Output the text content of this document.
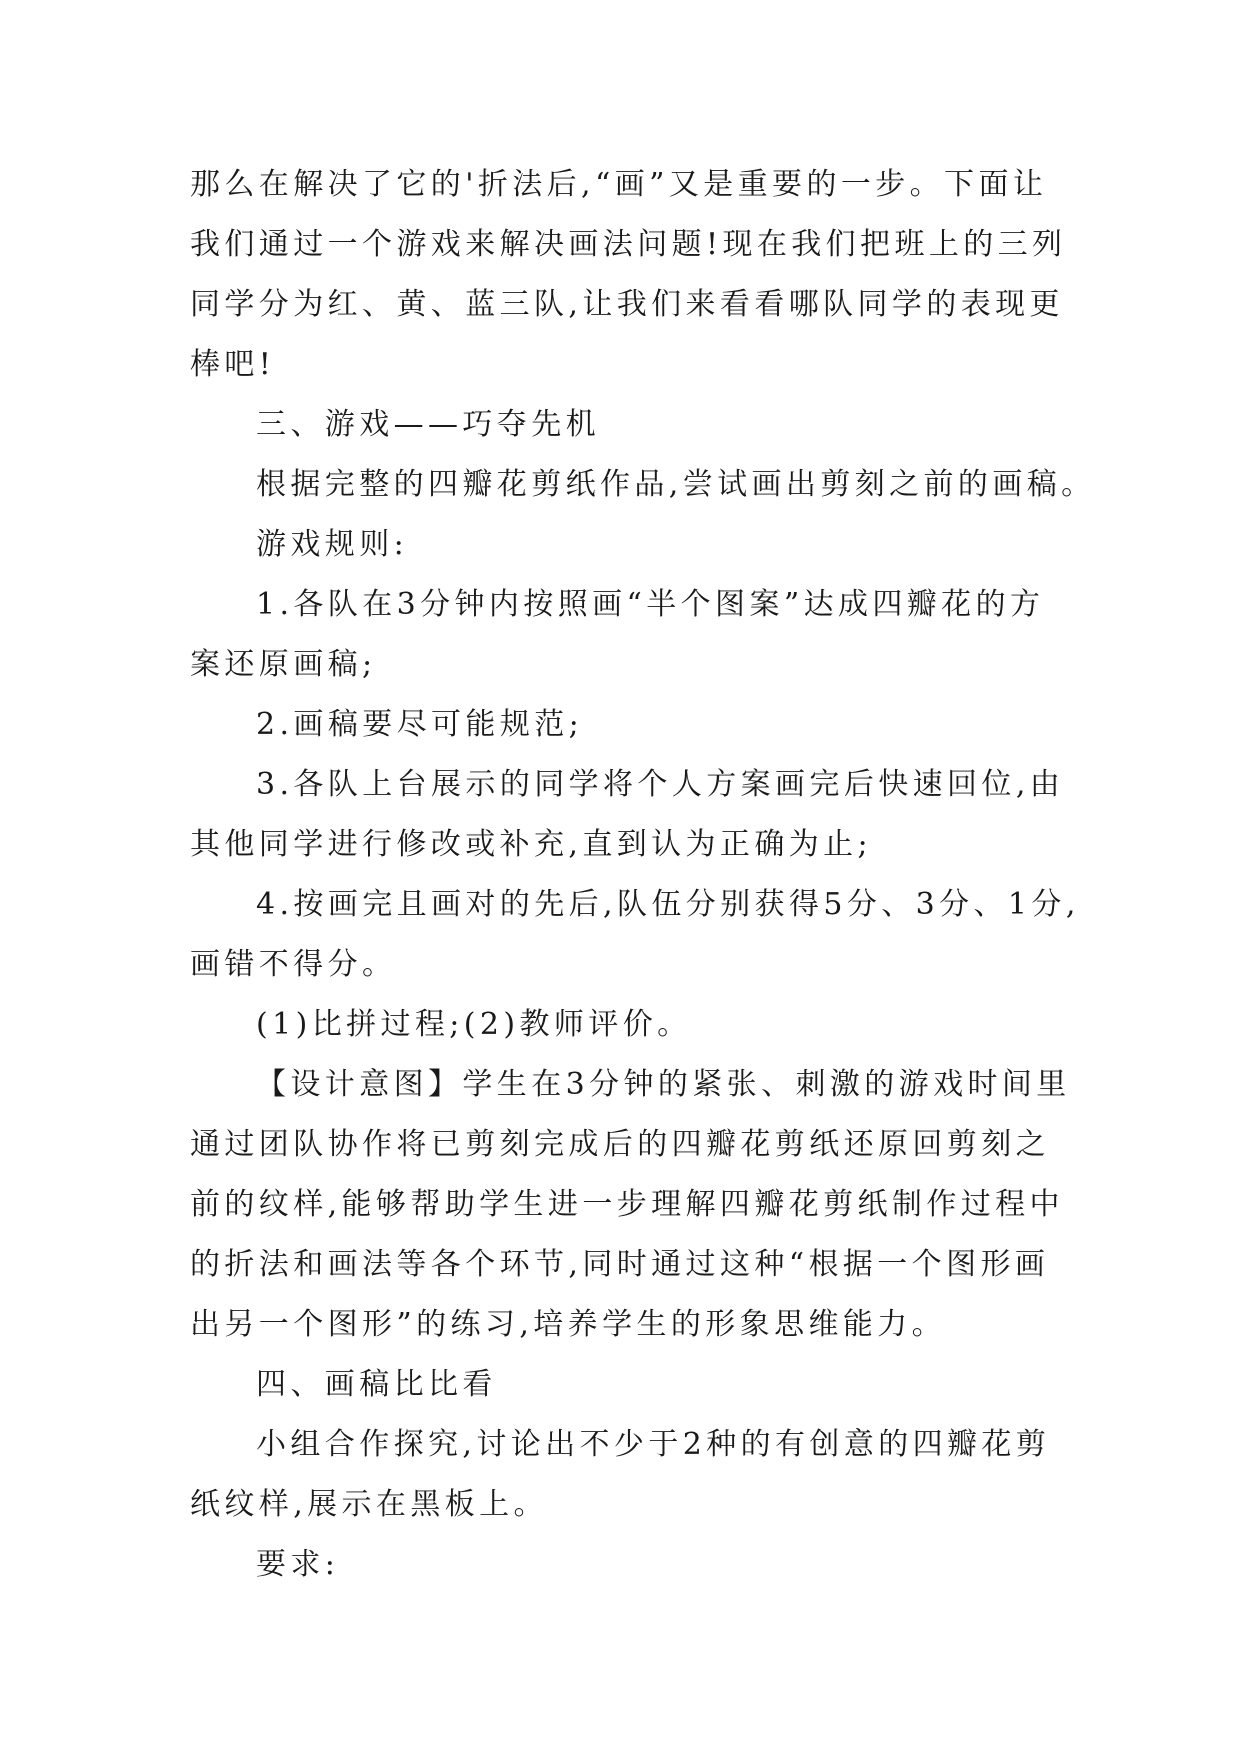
那么在解决了它的'折法后,“画”又是重要的一步。下面让
我们通过一个游戏来解决画法问题!现在我们把班上的三列
同学分为红、黄、蓝三队,让我们来看看哪队同学的表现更
棒吧!
三、游戏——巧夺先机
根据完整的四瓣花剪纸作品,尝试画出剪刻之前的画稿。
游戏规则:
1.各队在3分钟内按照画“半个图案”达成四瓣花的方
案还原画稿;
2.画稿要尽可能规范;
3.各队上台展示的同学将个人方案画完后快速回位,由
其他同学进行修改或补充,直到认为正确为止;
4.按画完且画对的先后,队伍分别获得5分、3分、1分,
画错不得分。
(1)比拼过程;(2)教师评价。
【设计意图】学生在3分钟的紧张、刺激的游戏时间里
通过团队协作将已剪刻完成后的四瓣花剪纸还原回剪刻之
前的纹样,能够帮助学生进一步理解四瓣花剪纸制作过程中
的折法和画法等各个环节,同时通过这种“根据一个图形画
出另一个图形”的练习,培养学生的形象思维能力。
四、画稿比比看
小组合作探究,讨论出不少于2种的有创意的四瓣花剪
纸纹样,展示在黑板上。
要求:
